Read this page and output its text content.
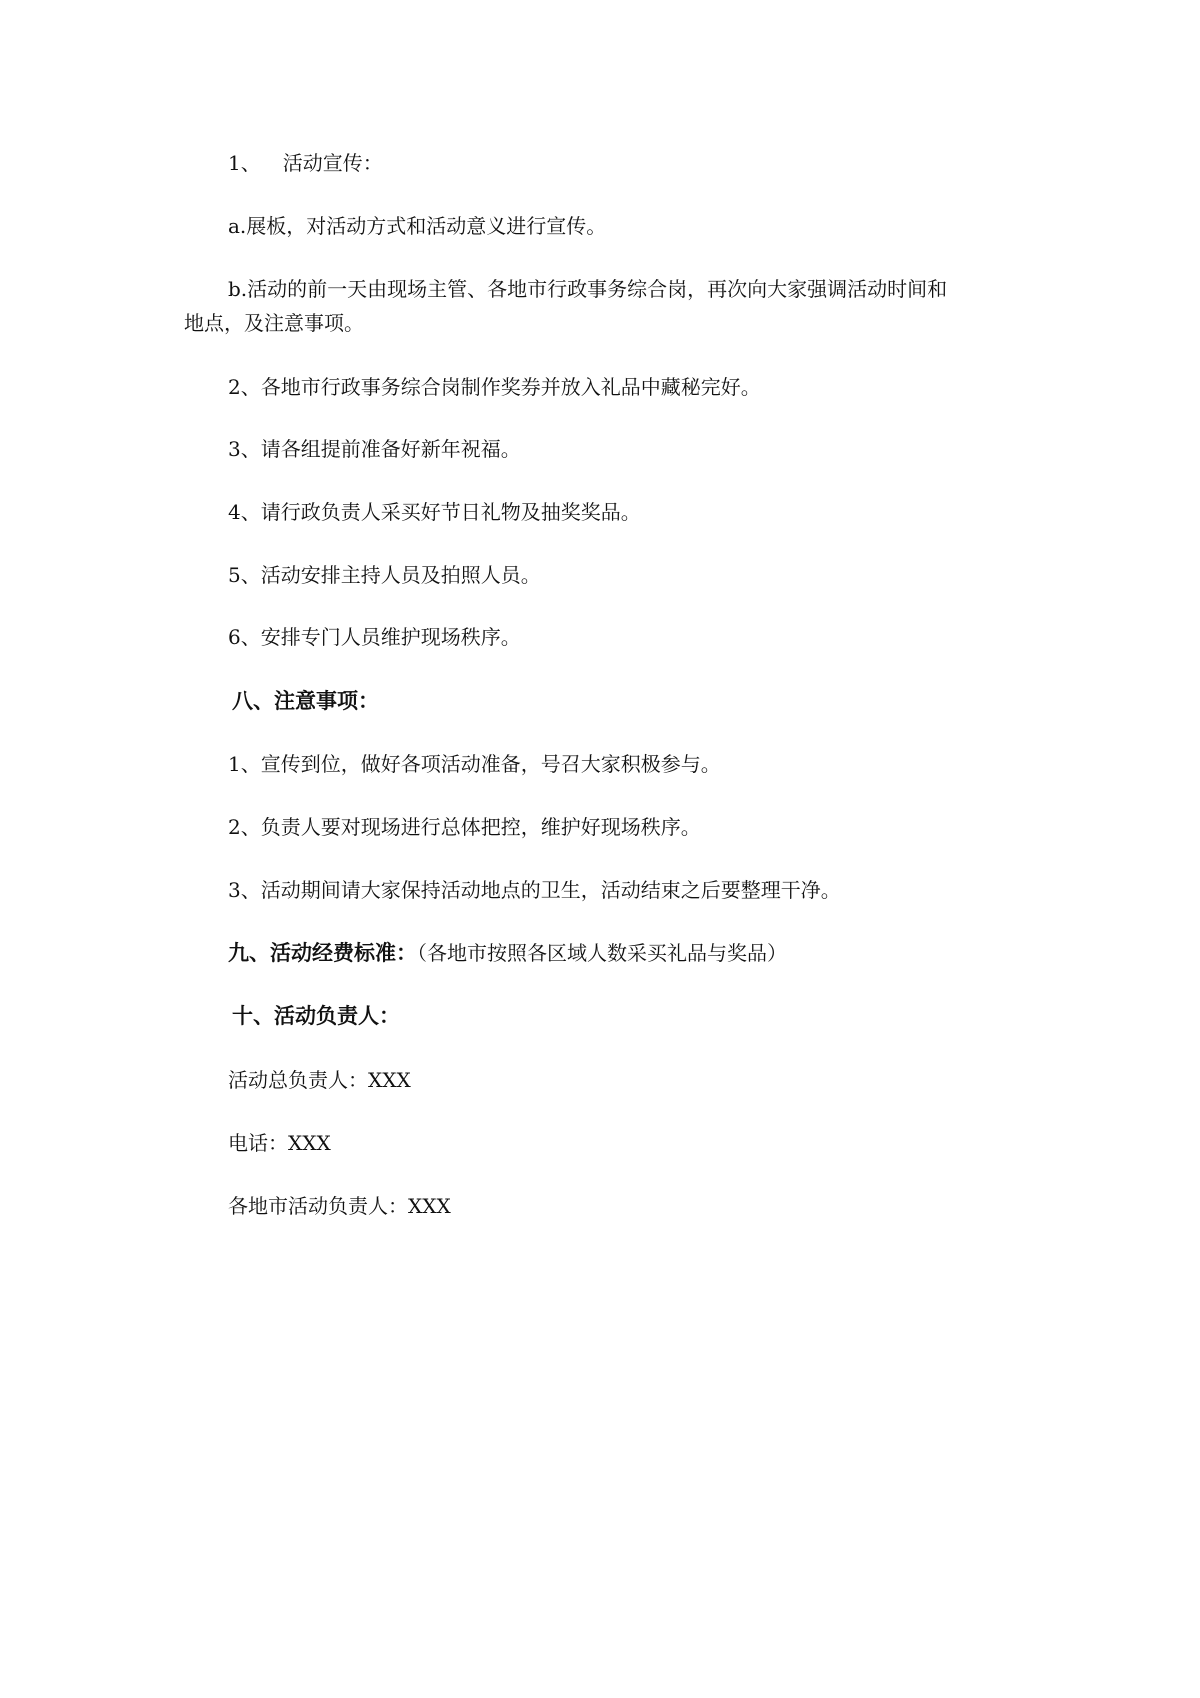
1、 活动宣传：
a.展板，对活动方式和活动意义进行宣传。
b.活动的前一天由现场主管、各地市行政事务综合岗，再次向大家强调活动时间和
地点，及注意事项。
2、各地市行政事务综合岗制作奖券并放入礼品中藏秘完好。
3、请各组提前准备好新年祝福。
4、请行政负责人采买好节日礼物及抽奖奖品。
5、活动安排主持人员及拍照人员。
6、安排专门人员维护现场秩序。
八、注意事项：
1、宣传到位，做好各项活动准备，号召大家积极参与。
2、负责人要对现场进行总体把控，维护好现场秩序。
3、活动期间请大家保持活动地点的卫生，活动结束之后要整理干净。
九、活动经费标准：（各地市按照各区域人数采买礼品与奖品）
十、活动负责人：
活动总负责人：XXX
电话：XXX
各地市活动负责人：XXX
